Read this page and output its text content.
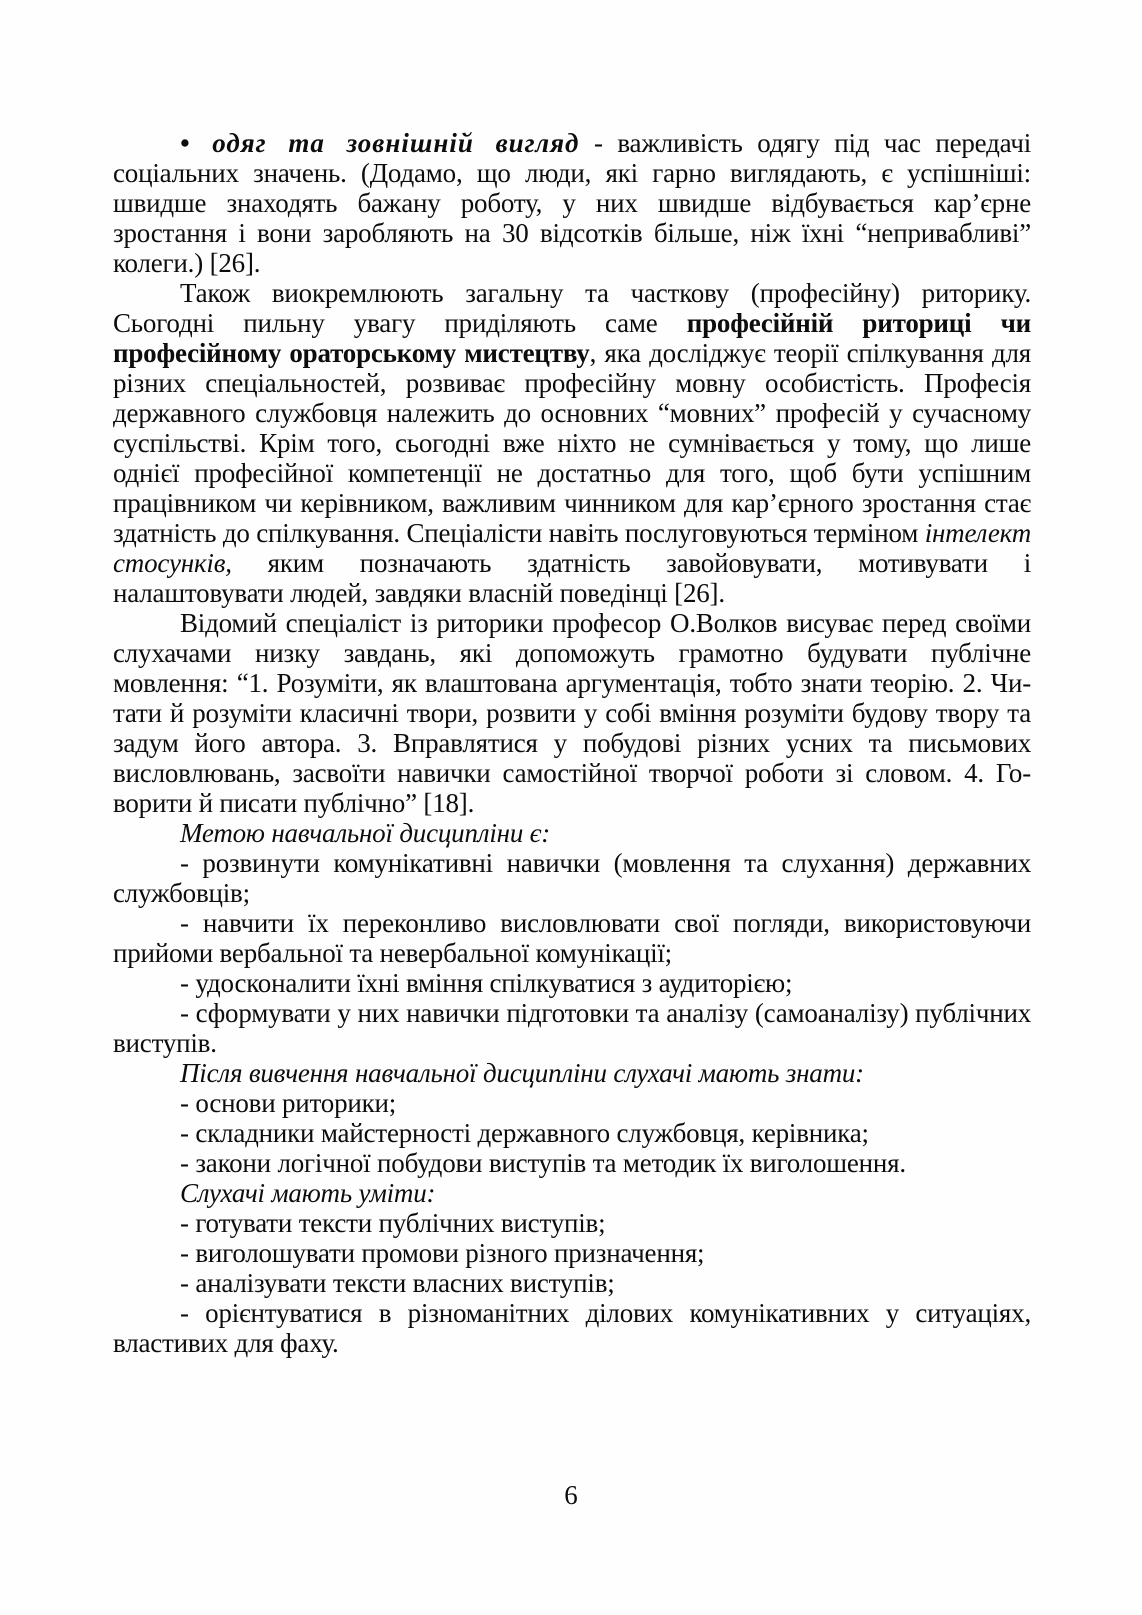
• одяг та зовнішній вигляд - важливість одягу під час передачі соціальних значень. (Додамо, що люди, які гарно виглядають, є успішніші: швидше знаходять бажану роботу, у них швидше відбувається кар’єрне зростання і вони заробляють на 30 відсотків більше, ніж їхні “непривабливі” колеги.) [26].

Також виокремлюють загальну та часткову (професійну) риторику. Сьогодні пильну увагу приділяють саме професійній риториці чи професійному ораторському мистецтву, яка досліджує теорії спілкування для різних спеціальностей, розвиває професійну мовну особистість. Професія державного службовця належить до основних “мовних” професій у сучасному суспільстві. Крім того, сьогодні вже ніхто не сумнівається у тому, що лише однієї професійної компетенції не достатньо для того, щоб бути успішним працівником чи керівником, важливим чинником для кар’єрного зростання стає здатність до спілкування. Спеціалісти навіть послуговуються терміном інтелект стосунків, яким позначають здатність завойовувати, мотивувати і налаштовувати людей, завдяки власній поведінці [26].

Відомий спеціаліст із риторики професор О.Волков висуває перед своїми слухачами низку завдань, які допоможуть грамотно будувати публічне мовлення: “1. Розуміти, як влаштована аргументація, тобто знати теорію. 2. Чи-тати й розуміти класичні твори, розвити у собі вміння розуміти будову твору та задум його автора. 3. Вправлятися у побудові різних усних та письмових висловлювань, засвоїти навички самостійної творчої роботи зі словом. 4. Го-ворити й писати публічно” [18].

Метою навчальної дисципліни є:

- розвинути комунікативні навички (мовлення та слухання) державних службовців;

- навчити їх переконливо висловлювати свої погляди, використовуючи прийоми вербальної та невербальної комунікації;

- удосконалити їхні вміння спілкуватися з аудиторією;

- сформувати у них навички підготовки та аналізу (самоаналізу) публічних виступів.

Після вивчення навчальної дисципліни слухачі мають знати:

- основи риторики;

- складники майстерності державного службовця, керівника;

- закони логічної побудови виступів та методик їх виголошення.

Слухачі мають уміти:

- готувати тексти публічних виступів;

- виголошувати промови різного призначення;

- аналізувати тексти власних виступів;

- орієнтуватися в різноманітних ділових комунікативних у ситуаціях, властивих для фаху.

6
